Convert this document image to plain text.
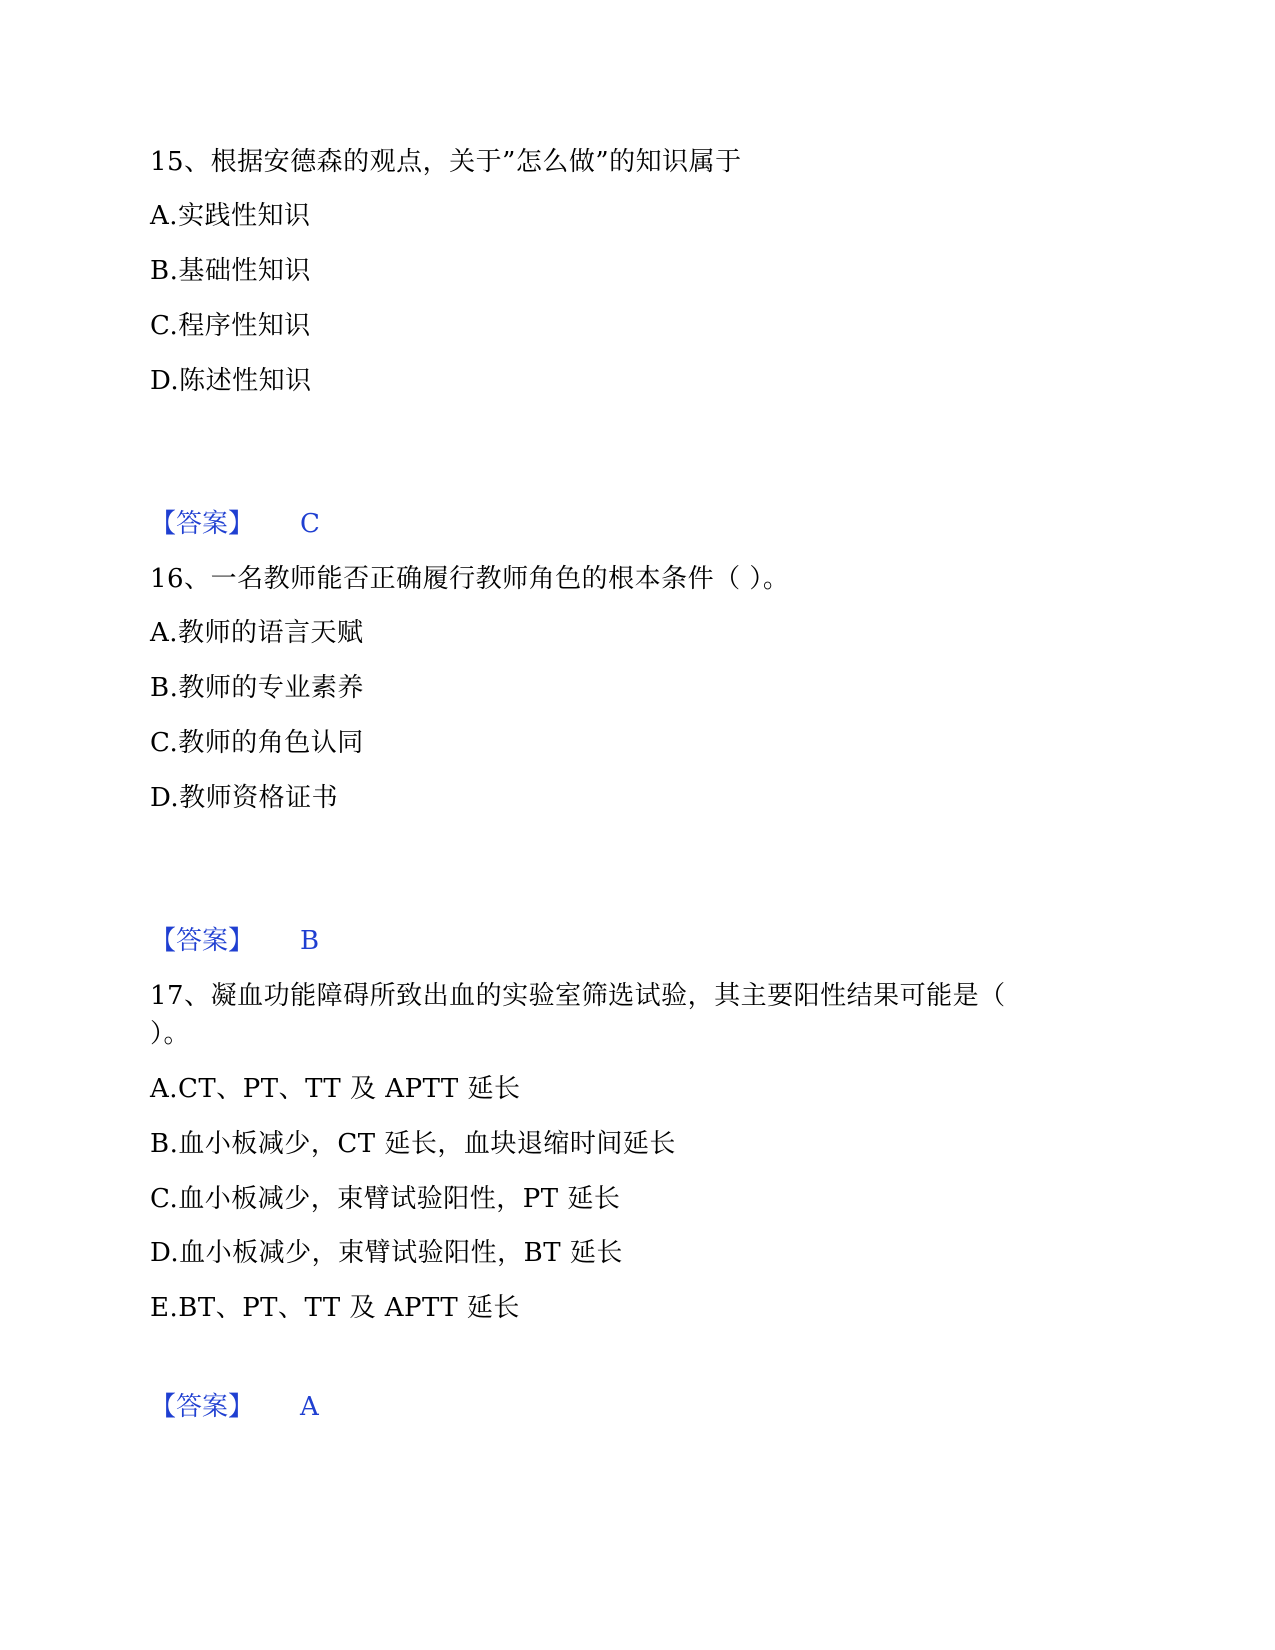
15、根据安德森的观点，关于”怎么做”的知识属于
A.实践性知识
B.基础性知识
C.程序性知识
D.陈述性知识
【答案】 C
16、一名教师能否正确履行教师角色的根本条件（ ）。
A.教师的语言天赋
B.教师的专业素养
C.教师的角色认同
D.教师资格证书
【答案】 B
17、凝血功能障碍所致出血的实验室筛选试验，其主要阳性结果可能是（
）。
A.CT、PT、TT 及 APTT 延长
B.血小板减少，CT 延长，血块退缩时间延长
C.血小板减少，束臂试验阳性，PT 延长
D.血小板减少，束臂试验阳性，BT 延长
E.BT、PT、TT 及 APTT 延长
【答案】 A
